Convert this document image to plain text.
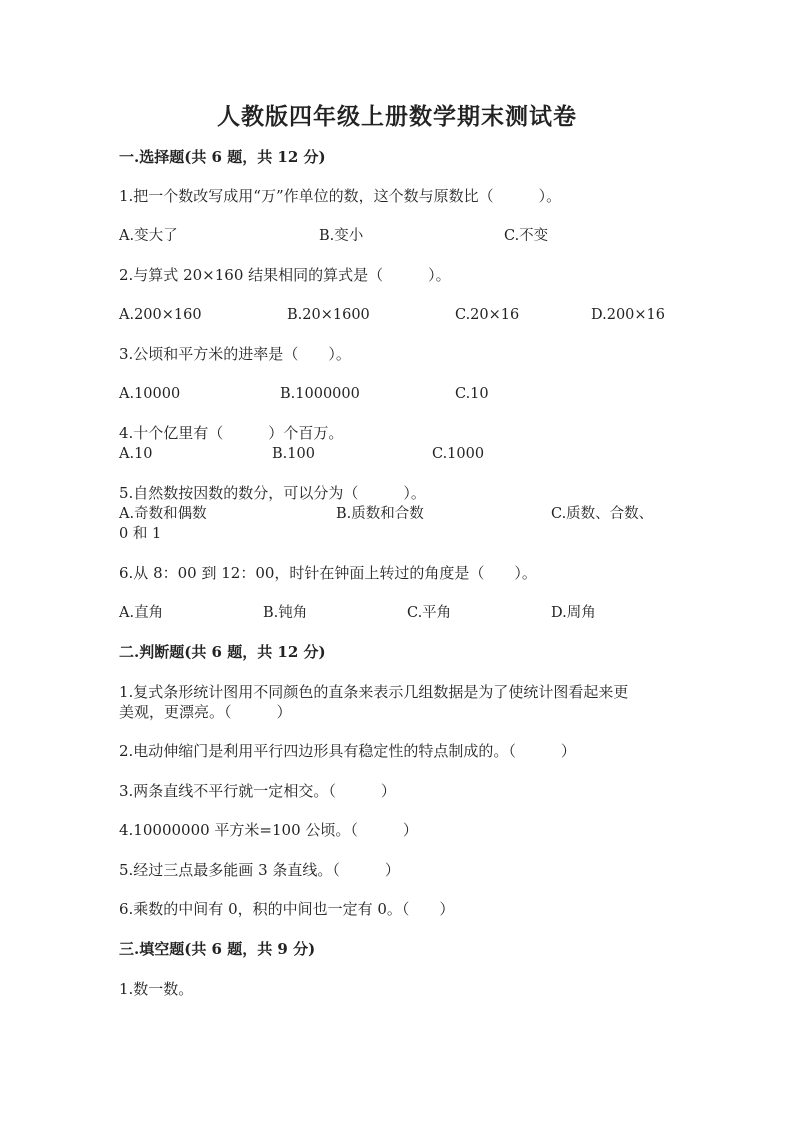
人教版四年级上册数学期末测试卷
一.选择题(共 6 题，共 12 分)
1.把一个数改写成用“万”作单位的数，这个数与原数比（　　　）。
A.变大了	B.变小	C.不变
2.与算式 20×160 结果相同的算式是（　　　）。
A.200×160	B.20×1600	C.20×16	D.200×16
3.公顷和平方米的进率是（　　）。
A.10000	B.1000000	C.10
4.十个亿里有（　　　）个百万。
A.10	B.100	C.1000
5.自然数按因数的数分，可以分为（　　　）。
A.奇数和偶数	B.质数和合数	C.质数、合数、
0 和 1
6.从 8：00 到 12：00，时针在钟面上转过的角度是（　　）。
A.直角	B.钝角	C.平角	D.周角
二.判断题(共 6 题，共 12 分)
1.复式条形统计图用不同颜色的直条来表示几组数据是为了使统计图看起来更
美观，更漂亮。（　　　）
2.电动伸缩门是利用平行四边形具有稳定性的特点制成的。（　　　）
3.两条直线不平行就一定相交。（　　　）
4.10000000 平方米=100 公顷。（　　　）
5.经过三点最多能画 3 条直线。（　　　）
6.乘数的中间有 0，积的中间也一定有 0。（　　）
三.填空题(共 6 题，共 9 分)
1.数一数。
